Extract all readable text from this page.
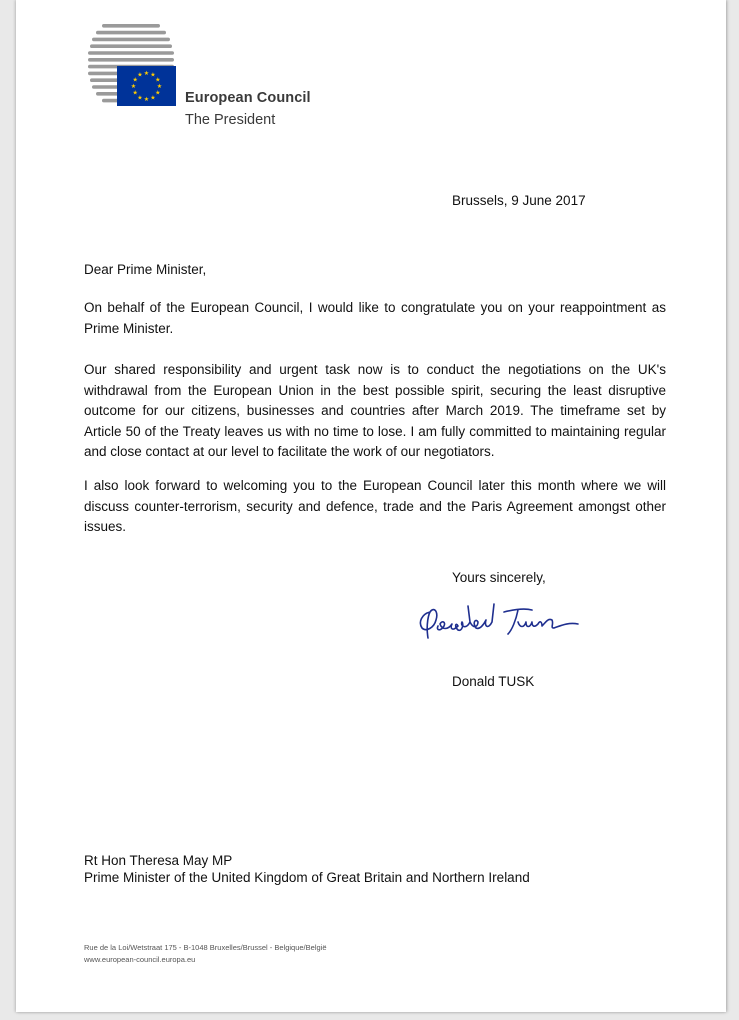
★ ★
★
★
★
★
★
★
★
★
★
★
European Council
The President
Brussels, 9 June 2017

Dear Prime Minister,

On behalf of the European Council, I would like to congratulate you on your reappointment as Prime Minister.

Our shared responsibility and urgent task now is to conduct the negotiations on the UK's withdrawal from the European Union in the best possible spirit, securing the least disruptive outcome for our citizens, businesses and countries after March 2019. The timeframe set by Article 50 of the Treaty leaves us with no time to lose. I am fully committed to maintaining regular and close contact at our level to facilitate the work of our negotiators.

I also look forward to welcoming you to the European Council later this month where we will discuss counter-terrorism, security and defence, trade and the Paris Agreement amongst other issues.

Yours sincerely,
Donald TUSK
Rt Hon Theresa May MP
Prime Minister of the United Kingdom of Great Britain and Northern Ireland
Rue de la Loi/Wetstraat 175 - B-1048 Bruxelles/Brussel - Belgique/België
www.european-council.europa.eu
